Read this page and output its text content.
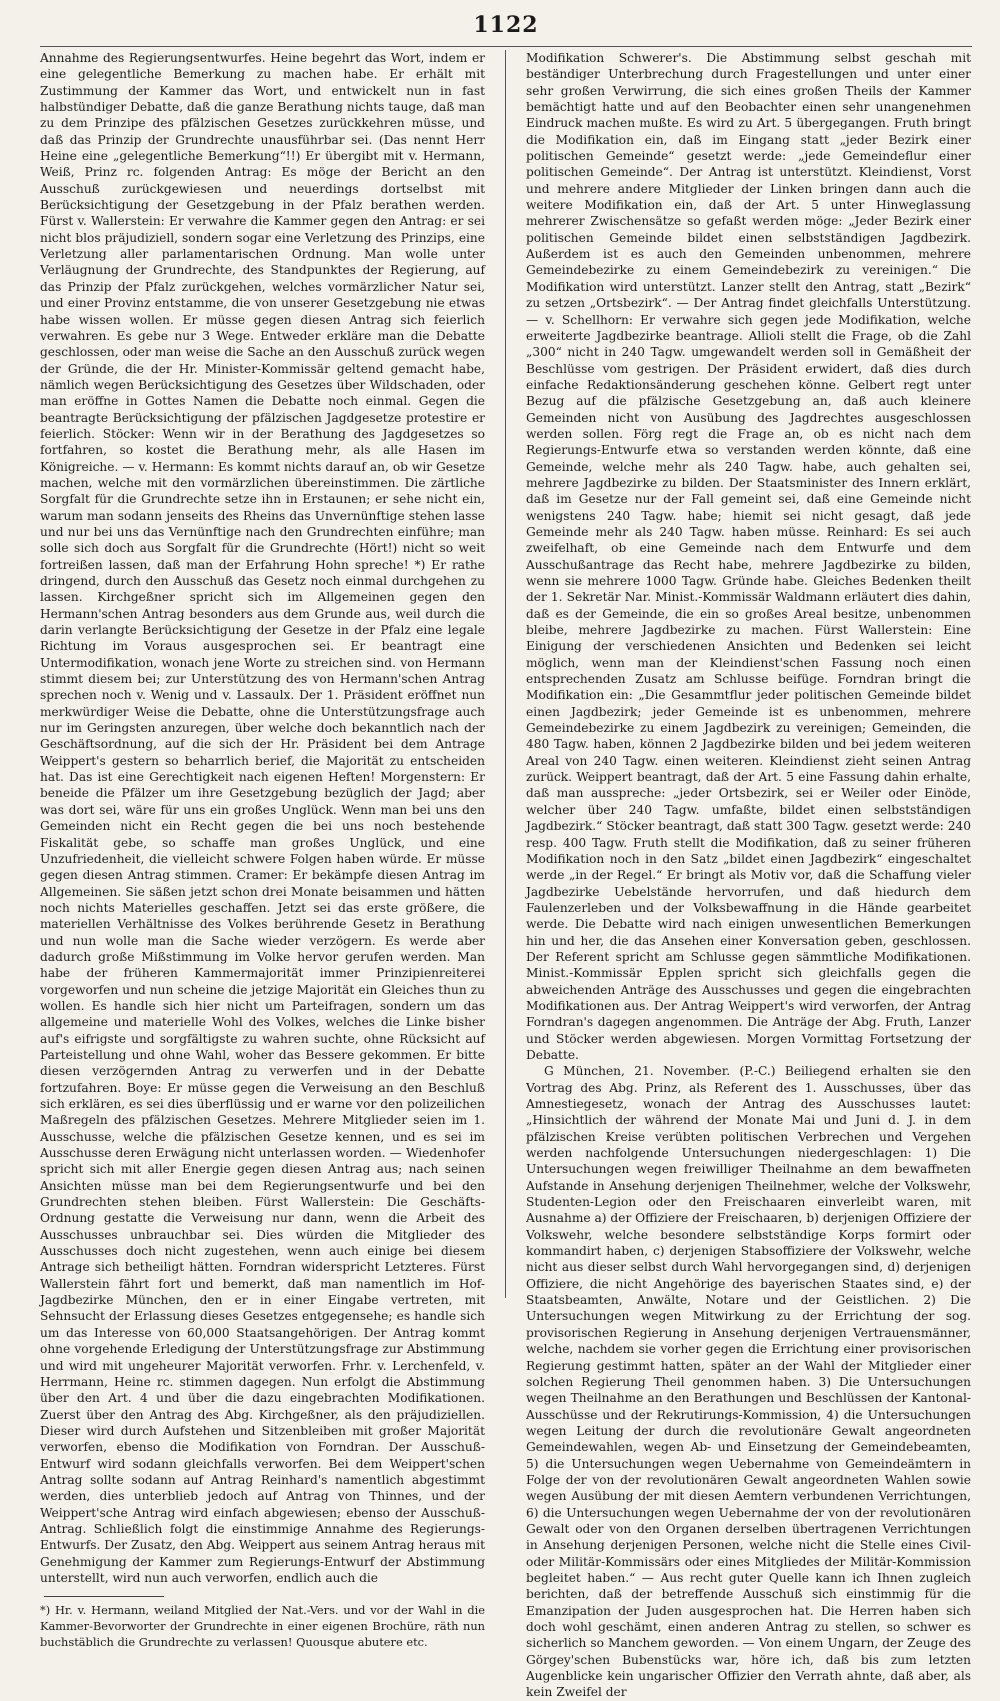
1122

Annahme des Regierungsentwurfes. Heine begehrt das Wort, indem er eine gelegentliche Bemerkung zu machen habe. Er erhält mit Zustimmung der Kammer das Wort, und entwickelt nun in fast halbstündiger Debatte, daß die ganze Berathung nichts tauge, daß man zu dem Prinzipe des pfälzischen Gesetzes zurückkehren müsse, und daß das Prinzip der Grundrechte unausführbar sei. (Das nennt Herr Heine eine „gelegentliche Bemerkung“!!) Er übergibt mit v. Hermann, Weiß, Prinz rc. folgenden Antrag: Es möge der Bericht an den Ausschuß zurückgewiesen und neuerdings dortselbst mit Berücksichtigung der Gesetzgebung in der Pfalz berathen werden. Fürst v. Wallerstein: Er verwahre die Kammer gegen den Antrag: er sei nicht blos präjudiziell, sondern sogar eine Verletzung des Prinzips, eine Verletzung aller parlamentarischen Ordnung. Man wolle unter Verläugnung der Grundrechte, des Standpunktes der Regierung, auf das Prinzip der Pfalz zurückgehen, welches vormärzlicher Natur sei, und einer Provinz entstamme, die von unserer Gesetzgebung nie etwas habe wissen wollen. Er müsse gegen diesen Antrag sich feierlich verwahren. Es gebe nur 3 Wege. Entweder erkläre man die Debatte geschlossen, oder man weise die Sache an den Ausschuß zurück wegen der Gründe, die der Hr. Minister-Kommissär geltend gemacht habe, nämlich wegen Berücksichtigung des Gesetzes über Wildschaden, oder man eröffne in Gottes Namen die Debatte noch einmal. Gegen die beantragte Berücksichtigung der pfälzischen Jagdgesetze protestire er feierlich. Stöcker: Wenn wir in der Berathung des Jagdgesetzes so fortfahren, so kostet die Berathung mehr, als alle Hasen im Königreiche. — v. Hermann: Es kommt nichts darauf an, ob wir Gesetze machen, welche mit den vormärzlichen übereinstimmen. Die zärtliche Sorgfalt für die Grundrechte setze ihn in Erstaunen; er sehe nicht ein, warum man sodann jenseits des Rheins das Unvernünftige stehen lasse und nur bei uns das Vernünftige nach den Grundrechten einführe; man solle sich doch aus Sorgfalt für die Grundrechte (Hört!) nicht so weit fortreißen lassen, daß man der Erfahrung Hohn spreche! *) Er rathe dringend, durch den Ausschuß das Gesetz noch einmal durchgehen zu lassen. Kirchgeßner spricht sich im Allgemeinen gegen den Hermann'schen Antrag besonders aus dem Grunde aus, weil durch die darin verlangte Berücksichtigung der Gesetze in der Pfalz eine legale Richtung im Voraus ausgesprochen sei. Er beantragt eine Untermodifikation, wonach jene Worte zu streichen sind. von Hermann stimmt diesem bei; zur Unterstützung des von Hermann'schen Antrag sprechen noch v. Wenig und v. Lassaulx. Der 1. Präsident eröffnet nun merkwürdiger Weise die Debatte, ohne die Unterstützungsfrage auch nur im Geringsten anzuregen, über welche doch bekanntlich nach der Geschäftsordnung, auf die sich der Hr. Präsident bei dem Antrage Weippert's gestern so beharrlich berief, die Majorität zu entscheiden hat. Das ist eine Gerechtigkeit nach eigenen Heften! Morgenstern: Er beneide die Pfälzer um ihre Gesetzgebung bezüglich der Jagd; aber was dort sei, wäre für uns ein großes Unglück. Wenn man bei uns den Gemeinden nicht ein Recht gegen die bei uns noch bestehende Fiskalität gebe, so schaffe man großes Unglück, und eine Unzufriedenheit, die vielleicht schwere Folgen haben würde. Er müsse gegen diesen Antrag stimmen. Cramer: Er bekämpfe diesen Antrag im Allgemeinen. Sie säßen jetzt schon drei Monate beisammen und hätten noch nichts Materielles geschaffen. Jetzt sei das erste größere, die materiellen Verhältnisse des Volkes berührende Gesetz in Berathung und nun wolle man die Sache wieder verzögern. Es werde aber dadurch große Mißstimmung im Volke hervor gerufen werden. Man habe der früheren Kammermajorität immer Prinzipienreiterei vorgeworfen und nun scheine die jetzige Majorität ein Gleiches thun zu wollen. Es handle sich hier nicht um Parteifragen, sondern um das allgemeine und materielle Wohl des Volkes, welches die Linke bisher auf's eifrigste und sorgfältigste zu wahren suchte, ohne Rücksicht auf Parteistellung und ohne Wahl, woher das Bessere gekommen. Er bitte diesen verzögernden Antrag zu verwerfen und in der Debatte fortzufahren. Boye: Er müsse gegen die Verweisung an den Beschluß sich erklären, es sei dies überflüssig und er warne vor den polizeilichen Maßregeln des pfälzischen Gesetzes. Mehrere Mitglieder seien im 1. Ausschusse, welche die pfälzischen Gesetze kennen, und es sei im Ausschusse deren Erwägung nicht unterlassen worden. — Wiedenhofer spricht sich mit aller Energie gegen diesen Antrag aus; nach seinen Ansichten müsse man bei dem Regierungsentwurfe und bei den Grundrechten stehen bleiben. Fürst Wallerstein: Die Geschäfts-Ordnung gestatte die Verweisung nur dann, wenn die Arbeit des Ausschusses unbrauchbar sei. Dies würden die Mitglieder des Ausschusses doch nicht zugestehen, wenn auch einige bei diesem Antrage sich betheiligt hätten. Forndran widerspricht Letzteres. Fürst Wallerstein fährt fort und bemerkt, daß man namentlich im Hof-Jagdbezirke München, den er in einer Eingabe vertreten, mit Sehnsucht der Erlassung dieses Gesetzes entgegensehe; es handle sich um das Interesse von 60,000 Staatsangehörigen. Der Antrag kommt ohne vorgehende Erledigung der Unterstützungsfrage zur Abstimmung und wird mit ungeheurer Majorität verworfen. Frhr. v. Lerchenfeld, v. Herrmann, Heine rc. stimmen dagegen. Nun erfolgt die Abstimmung über den Art. 4 und über die dazu eingebrachten Modifikationen. Zuerst über den Antrag des Abg. Kirchgeßner, als den präjudiziellen. Dieser wird durch Aufstehen und Sitzenbleiben mit großer Majorität verworfen, ebenso die Modifikation von Forndran. Der Ausschuß-Entwurf wird sodann gleichfalls verworfen. Bei dem Weippert'schen Antrag sollte sodann auf Antrag Reinhard's namentlich abgestimmt werden, dies unterblieb jedoch auf Antrag von Thinnes, und der Weippert'sche Antrag wird einfach abgewiesen; ebenso der Ausschuß-Antrag. Schließlich folgt die einstimmige Annahme des Regierungs-Entwurfs. Der Zusatz, den Abg. Weippert aus seinem Antrag heraus mit Genehmigung der Kammer zum Regierungs-Entwurf der Abstimmung unterstellt, wird nun auch verworfen, endlich auch die

*) Hr. v. Hermann, weiland Mitglied der Nat.-Vers. und vor der Wahl in die Kammer-Bevorworter der Grundrechte in einer eigenen Brochüre, räth nun buchstäblich die Grundrechte zu verlassen! Quousque abutere etc.

Modifikation Schwerer's. Die Abstimmung selbst geschah mit beständiger Unterbrechung durch Fragestellungen und unter einer sehr großen Verwirrung, die sich eines großen Theils der Kammer bemächtigt hatte und auf den Beobachter einen sehr unangenehmen Eindruck machen mußte. Es wird zu Art. 5 übergegangen. Fruth bringt die Modifikation ein, daß im Eingang statt „jeder Bezirk einer politischen Gemeinde“ gesetzt werde: „jede Gemeindeflur einer politischen Gemeinde“. Der Antrag ist unterstützt. Kleindienst, Vorst und mehrere andere Mitglieder der Linken bringen dann auch die weitere Modifikation ein, daß der Art. 5 unter Hinweglassung mehrerer Zwischensätze so gefaßt werden möge: „Jeder Bezirk einer politischen Gemeinde bildet einen selbstständigen Jagdbezirk. Außerdem ist es auch den Gemeinden unbenommen, mehrere Gemeindebezirke zu einem Gemeindebezirk zu vereinigen.“ Die Modifikation wird unterstützt. Lanzer stellt den Antrag, statt „Bezirk“ zu setzen „Ortsbezirk“. — Der Antrag findet gleichfalls Unterstützung. — v. Schellhorn: Er verwahre sich gegen jede Modifikation, welche erweiterte Jagdbezirke beantrage. Allioli stellt die Frage, ob die Zahl „300“ nicht in 240 Tagw. umgewandelt werden soll in Gemäßheit der Beschlüsse vom gestrigen. Der Präsident erwidert, daß dies durch einfache Redaktionsänderung geschehen könne. Gelbert regt unter Bezug auf die pfälzische Gesetzgebung an, daß auch kleinere Gemeinden nicht von Ausübung des Jagdrechtes ausgeschlossen werden sollen. Förg regt die Frage an, ob es nicht nach dem Regierungs-Entwurfe etwa so verstanden werden könnte, daß eine Gemeinde, welche mehr als 240 Tagw. habe, auch gehalten sei, mehrere Jagdbezirke zu bilden. Der Staatsminister des Innern erklärt, daß im Gesetze nur der Fall gemeint sei, daß eine Gemeinde nicht wenigstens 240 Tagw. habe; hiemit sei nicht gesagt, daß jede Gemeinde mehr als 240 Tagw. haben müsse. Reinhard: Es sei auch zweifelhaft, ob eine Gemeinde nach dem Entwurfe und dem Ausschußantrage das Recht habe, mehrere Jagdbezirke zu bilden, wenn sie mehrere 1000 Tagw. Gründe habe. Gleiches Bedenken theilt der 1. Sekretär Nar. Minist.-Kommissär Waldmann erläutert dies dahin, daß es der Gemeinde, die ein so großes Areal besitze, unbenommen bleibe, mehrere Jagdbezirke zu machen. Fürst Wallerstein: Eine Einigung der verschiedenen Ansichten und Bedenken sei leicht möglich, wenn man der Kleindienst'schen Fassung noch einen entsprechenden Zusatz am Schlusse beifüge. Forndran bringt die Modifikation ein: „Die Gesammtflur jeder politischen Gemeinde bildet einen Jagdbezirk; jeder Gemeinde ist es unbenommen, mehrere Gemeindebezirke zu einem Jagdbezirk zu vereinigen; Gemeinden, die 480 Tagw. haben, können 2 Jagdbezirke bilden und bei jedem weiteren Areal von 240 Tagw. einen weiteren. Kleindienst zieht seinen Antrag zurück. Weippert beantragt, daß der Art. 5 eine Fassung dahin erhalte, daß man ausspreche: „jeder Ortsbezirk, sei er Weiler oder Einöde, welcher über 240 Tagw. umfaßte, bildet einen selbstständigen Jagdbezirk.“ Stöcker beantragt, daß statt 300 Tagw. gesetzt werde: 240 resp. 400 Tagw. Fruth stellt die Modifikation, daß zu seiner früheren Modifikation noch in den Satz „bildet einen Jagdbezirk“ eingeschaltet werde „in der Regel.“ Er bringt als Motiv vor, daß die Schaffung vieler Jagdbezirke Uebelstände hervorrufen, und daß hiedurch dem Faulenzerleben und der Volksbewaffnung in die Hände gearbeitet werde. Die Debatte wird nach einigen unwesentlichen Bemerkungen hin und her, die das Ansehen einer Konversation geben, geschlossen. Der Referent spricht am Schlusse gegen sämmtliche Modifikationen. Minist.-Kommissär Epplen spricht sich gleichfalls gegen die abweichenden Anträge des Ausschusses und gegen die eingebrachten Modifikationen aus. Der Antrag Weippert's wird verworfen, der Antrag Forndran's dagegen angenommen. Die Anträge der Abg. Fruth, Lanzer und Stöcker werden abgewiesen. Morgen Vormittag Fortsetzung der Debatte.

G München, 21. November. (P.-C.) Beiliegend erhalten sie den Vortrag des Abg. Prinz, als Referent des 1. Ausschusses, über das Amnestiegesetz, wonach der Antrag des Ausschusses lautet: „Hinsichtlich der während der Monate Mai und Juni d. J. in dem pfälzischen Kreise verübten politischen Verbrechen und Vergehen werden nachfolgende Untersuchungen niedergeschlagen: 1) Die Untersuchungen wegen freiwilliger Theilnahme an dem bewaffneten Aufstande in Ansehung derjenigen Theilnehmer, welche der Volkswehr, Studenten-Legion oder den Freischaaren einverleibt waren, mit Ausnahme a) der Offiziere der Freischaaren, b) derjenigen Offiziere der Volkswehr, welche besondere selbstständige Korps formirt oder kommandirt haben, c) derjenigen Stabsoffiziere der Volkswehr, welche nicht aus dieser selbst durch Wahl hervorgegangen sind, d) derjenigen Offiziere, die nicht Angehörige des bayerischen Staates sind, e) der Staatsbeamten, Anwälte, Notare und der Geistlichen. 2) Die Untersuchungen wegen Mitwirkung zu der Errichtung der sog. provisorischen Regierung in Ansehung derjenigen Vertrauensmänner, welche, nachdem sie vorher gegen die Errichtung einer provisorischen Regierung gestimmt hatten, später an der Wahl der Mitglieder einer solchen Regierung Theil genommen haben. 3) Die Untersuchungen wegen Theilnahme an den Berathungen und Beschlüssen der Kantonal-Ausschüsse und der Rekrutirungs-Kommission, 4) die Untersuchungen wegen Leitung der durch die revolutionäre Gewalt angeordneten Gemeindewahlen, wegen Ab- und Einsetzung der Gemeindebeamten, 5) die Untersuchungen wegen Uebernahme von Gemeindeämtern in Folge der von der revolutionären Gewalt angeordneten Wahlen sowie wegen Ausübung der mit diesen Aemtern verbundenen Verrichtungen, 6) die Untersuchungen wegen Uebernahme der von der revolutionären Gewalt oder von den Organen derselben übertragenen Verrichtungen in Ansehung derjenigen Personen, welche nicht die Stelle eines Civil- oder Militär-Kommissärs oder eines Mitgliedes der Militär-Kommission begleitet haben.“ — Aus recht guter Quelle kann ich Ihnen zugleich berichten, daß der betreffende Ausschuß sich einstimmig für die Emanzipation der Juden ausgesprochen hat. Die Herren haben sich doch wohl geschämt, einen anderen Antrag zu stellen, so schwer es sicherlich so Manchem geworden. — Von einem Ungarn, der Zeuge des Görgey'schen Bubenstücks war, höre ich, daß bis zum letzten Augenblicke kein ungarischer Offizier den Verrath ahnte, daß aber, als kein Zweifel der
